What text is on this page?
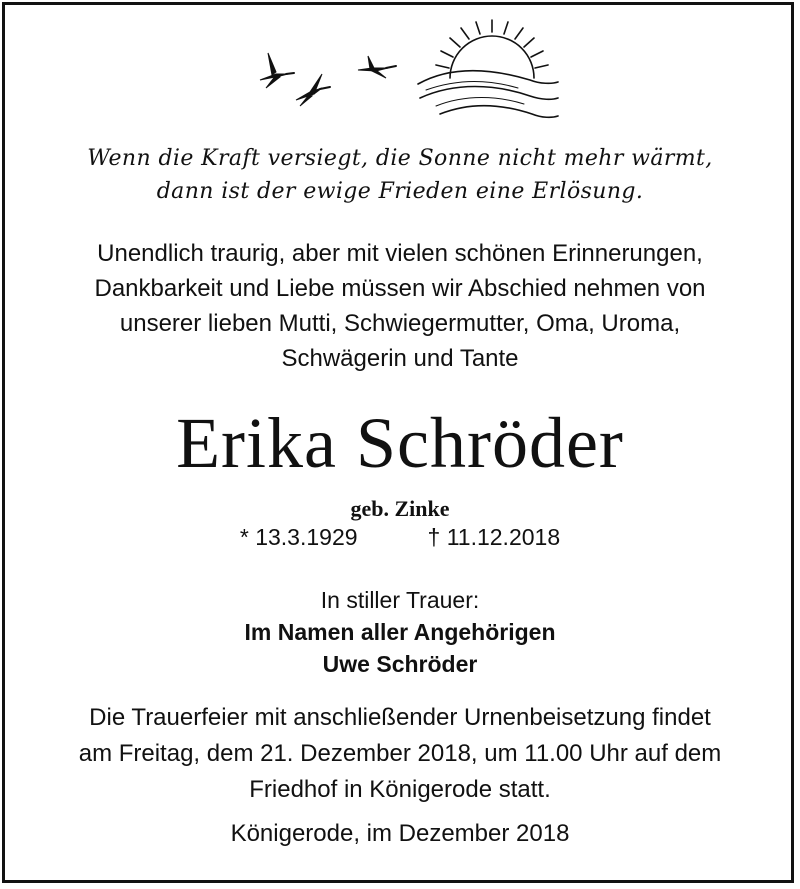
Wenn die Kraft versiegt, die Sonne nicht mehr wärmt,
dann ist der ewige Frieden eine Erlösung.
Unendlich traurig, aber mit vielen schönen Erinnerungen,
Dankbarkeit und Liebe müssen wir Abschied nehmen von
unserer lieben Mutti, Schwiegermutter, Oma, Uroma,
Schwägerin und Tante
Erika Schröder
geb. Zinke
* 13.3.1929	† 11.12.2018
In stiller Trauer:
Im Namen aller Angehörigen
Uwe Schröder
Die Trauerfeier mit anschließender Urnenbeisetzung findet
am Freitag, dem 21. Dezember 2018, um 11.00 Uhr auf dem
Friedhof in Königerode statt.
Königerode, im Dezember 2018
